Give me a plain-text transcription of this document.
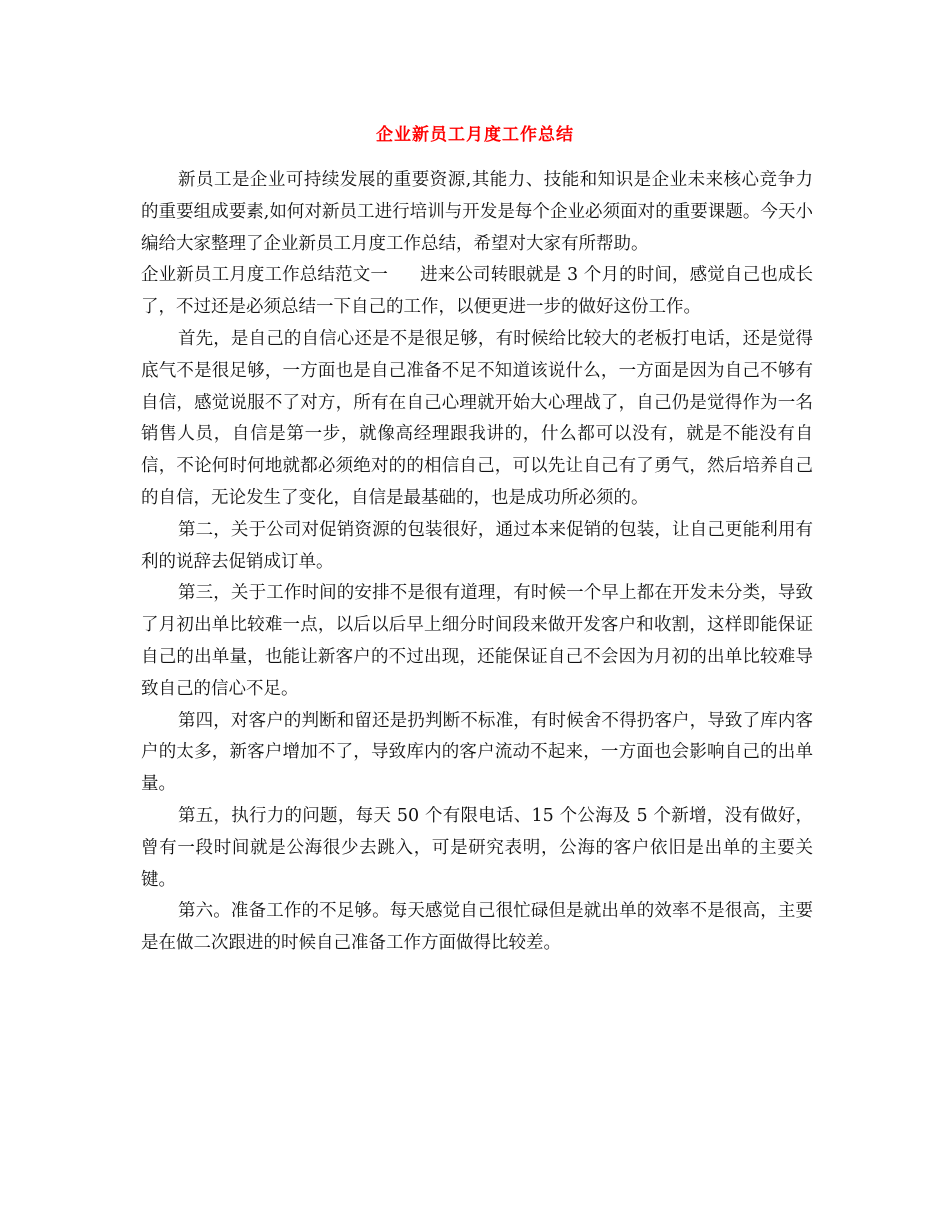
企业新员工月度工作总结

新员工是企业可持续发展的重要资源,其能力、技能和知识是企业未来核心竞争力的重要组成要素,如何对新员工进行培训与开发是每个企业必须面对的重要课题。今天小编给大家整理了企业新员工月度工作总结，希望对大家有所帮助。

企业新员工月度工作总结范文一 进来公司转眼就是 3 个月的时间，感觉自己也成长了，不过还是必须总结一下自己的工作，以便更进一步的做好这份工作。

首先，是自己的自信心还是不是很足够，有时候给比较大的老板打电话，还是觉得底气不是很足够，一方面也是自己准备不足不知道该说什么，一方面是因为自己不够有自信，感觉说服不了对方，所有在自己心理就开始大心理战了，自己仍是觉得作为一名销售人员，自信是第一步，就像高经理跟我讲的，什么都可以没有，就是不能没有自信，不论何时何地就都必须绝对的的相信自己，可以先让自己有了勇气，然后培养自己的自信，无论发生了变化，自信是最基础的，也是成功所必须的。

第二，关于公司对促销资源的包装很好，通过本来促销的包装，让自己更能利用有利的说辞去促销成订单。

第三，关于工作时间的安排不是很有道理，有时候一个早上都在开发未分类，导致了月初出单比较难一点，以后以后早上细分时间段来做开发客户和收割，这样即能保证自己的出单量，也能让新客户的不过出现，还能保证自己不会因为月初的出单比较难导致自己的信心不足。

第四，对客户的判断和留还是扔判断不标准，有时候舍不得扔客户，导致了库内客户的太多，新客户增加不了，导致库内的客户流动不起来，一方面也会影响自己的出单量。

第五，执行力的问题，每天 50 个有限电话、15 个公海及 5 个新增，没有做好，曾有一段时间就是公海很少去跳入，可是研究表明，公海的客户依旧是出单的主要关键。

第六。准备工作的不足够。每天感觉自己很忙碌但是就出单的效率不是很高，主要是在做二次跟进的时候自己准备工作方面做得比较差。
